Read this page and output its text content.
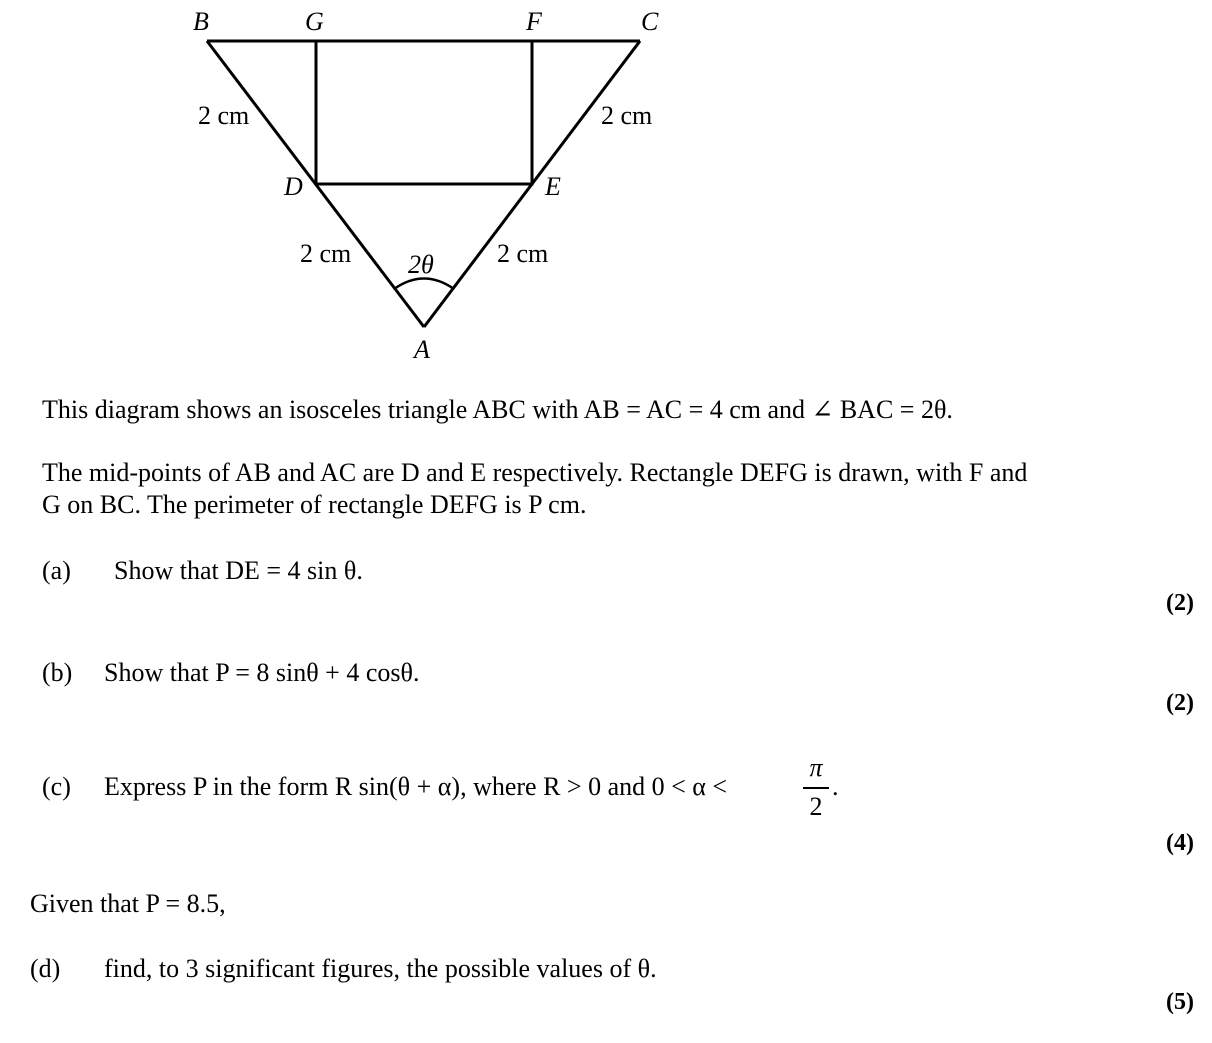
B	G	F	C
D	E
A
2 cm	2 cm
2 cm	2 cm
2θ
This diagram shows an isosceles triangle ABC with AB = AC = 4 cm and ∠ BAC = 2θ.
The mid-points of AB and AC are D and E respectively. Rectangle DEFG is drawn, with F and
G on BC. The perimeter of rectangle DEFG is P cm.
(a) Show that DE = 4 sin θ.
(2)
(b) Show that P = 8 sinθ + 4 cosθ.
(2)
(c) Express P in the form R sin(θ + α), where R > 0 and 0 < α <
π
2
.
(4)
Given that P = 8.5,
(d) find, to 3 significant figures, the possible values of θ.
(5)
